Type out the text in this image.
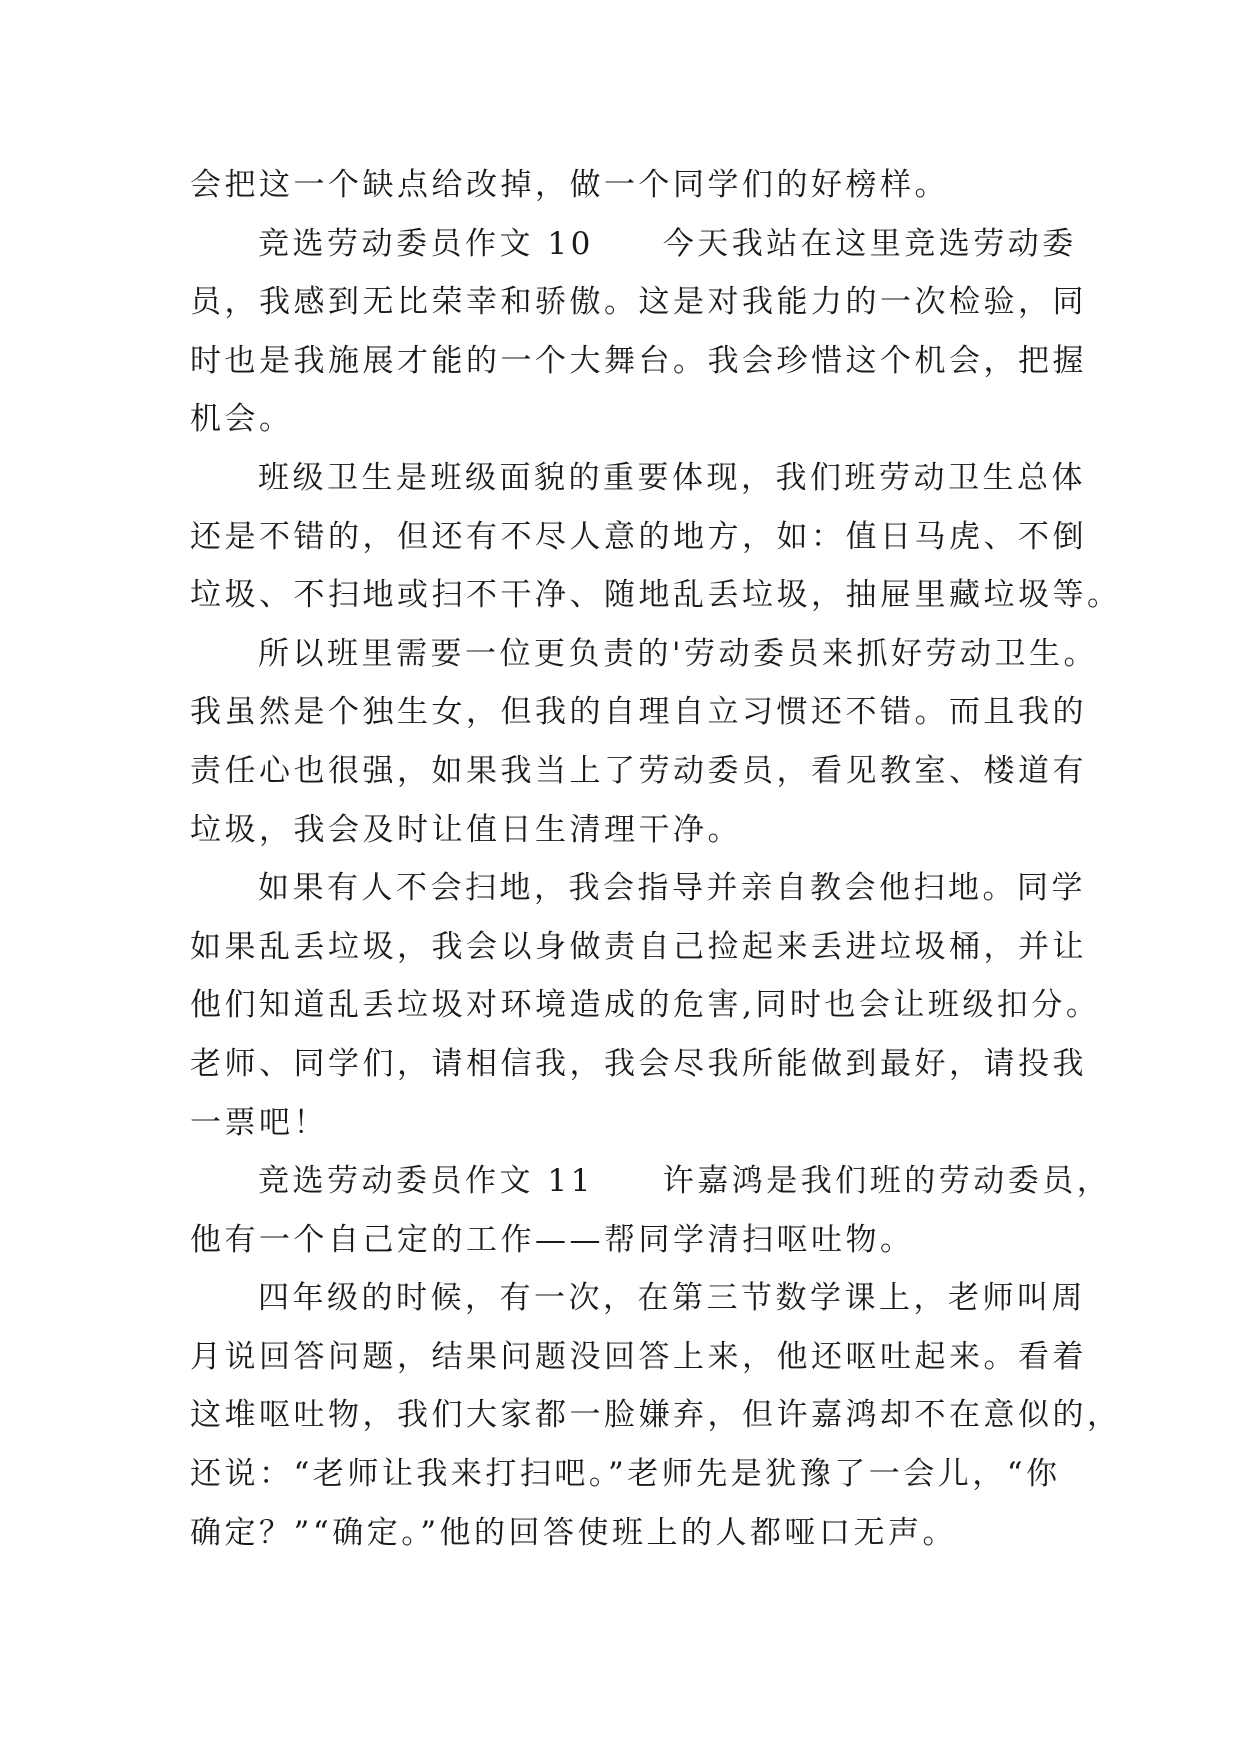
会把这一个缺点给改掉，做一个同学们的好榜样。
竞选劳动委员作文 10　　今天我站在这里竞选劳动委
员，我感到无比荣幸和骄傲。这是对我能力的一次检验，同
时也是我施展才能的一个大舞台。我会珍惜这个机会，把握
机会。
班级卫生是班级面貌的重要体现，我们班劳动卫生总体
还是不错的，但还有不尽人意的地方，如：值日马虎、不倒
垃圾、不扫地或扫不干净、随地乱丢垃圾，抽屉里藏垃圾等。
所以班里需要一位更负责的'劳动委员来抓好劳动卫生。
我虽然是个独生女，但我的自理自立习惯还不错。而且我的
责任心也很强，如果我当上了劳动委员，看见教室、楼道有
垃圾，我会及时让值日生清理干净。
如果有人不会扫地，我会指导并亲自教会他扫地。同学
如果乱丢垃圾，我会以身做责自己捡起来丢进垃圾桶，并让
他们知道乱丢垃圾对环境造成的危害,同时也会让班级扣分。
老师、同学们，请相信我，我会尽我所能做到最好，请投我
一票吧！
竞选劳动委员作文 11　　许嘉鸿是我们班的劳动委员，
他有一个自己定的工作——帮同学清扫呕吐物。
四年级的时候，有一次，在第三节数学课上，老师叫周
月说回答问题，结果问题没回答上来，他还呕吐起来。看着
这堆呕吐物，我们大家都一脸嫌弃，但许嘉鸿却不在意似的，
还说：“老师让我来打扫吧。”老师先是犹豫了一会儿，“你
确定？”“确定。”他的回答使班上的人都哑口无声。
